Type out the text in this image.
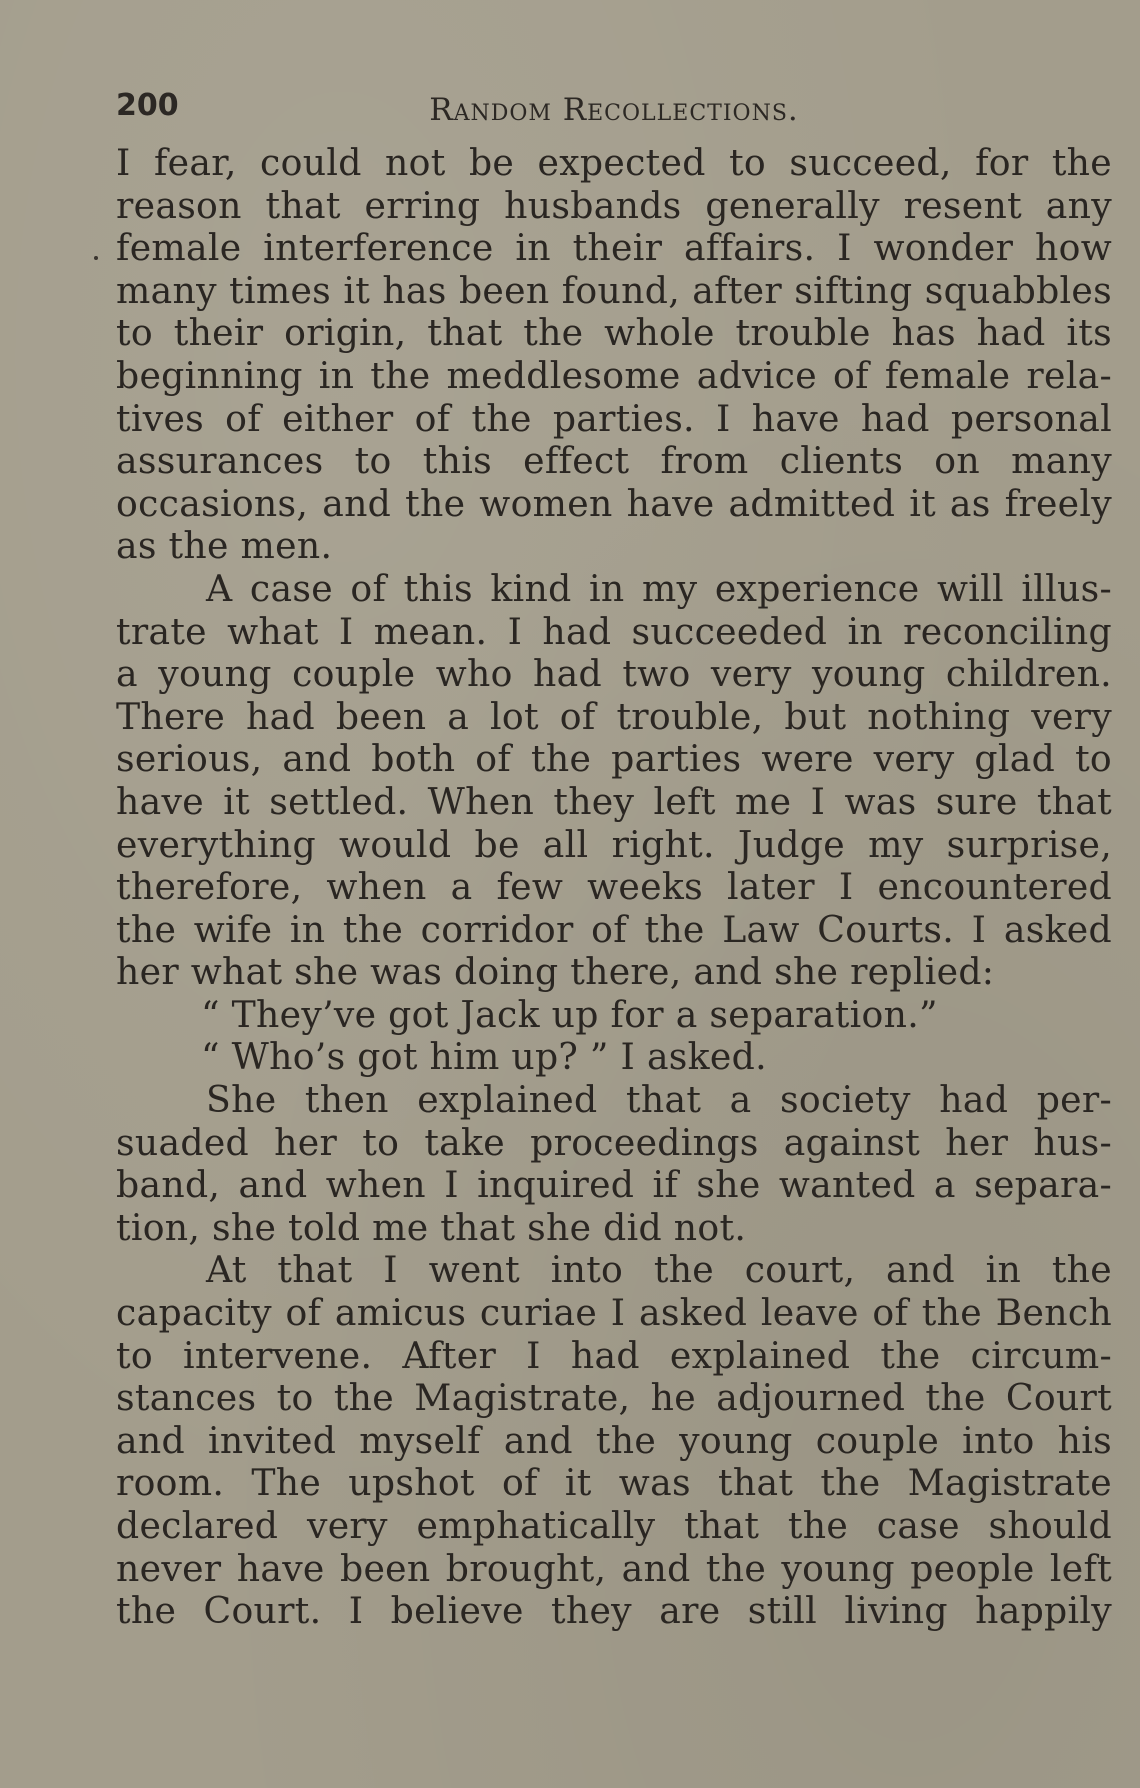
200	Random Recollections.

I fear, could not be expected to succeed, for the

reason that erring husbands generally resent any

female interference in their affairs. I wonder how

many times it has been found, after sifting squabbles

to their origin, that the whole trouble has had its

beginning in the meddlesome advice of female rela-

tives of either of the parties. I have had personal

assurances to this effect from clients on many

occasions, and the women have admitted it as freely

as the men.

A case of this kind in my experience will illus-

trate what I mean. I had succeeded in reconciling

a young couple who had two very young children.

There had been a lot of trouble, but nothing very

serious, and both of the parties were very glad to

have it settled. When they left me I was sure that

everything would be all right. Judge my surprise,

therefore, when a few weeks later I encountered

the wife in the corridor of the Law Courts. I asked

her what she was doing there, and she replied:

“ They’ve got Jack up for a separation.”

“ Who’s got him up? ” I asked.

She then explained that a society had per-

suaded her to take proceedings against her hus-

band, and when I inquired if she wanted a separa-

tion, she told me that she did not.

At that I went into the court, and in the

capacity of amicus curiae I asked leave of the Bench

to intervene. After I had explained the circum-

stances to the Magistrate, he adjourned the Court

and invited myself and the young couple into his

room. The upshot of it was that the Magistrate

declared very emphatically that the case should

never have been brought, and the young people left

the Court. I believe they are still living happily
